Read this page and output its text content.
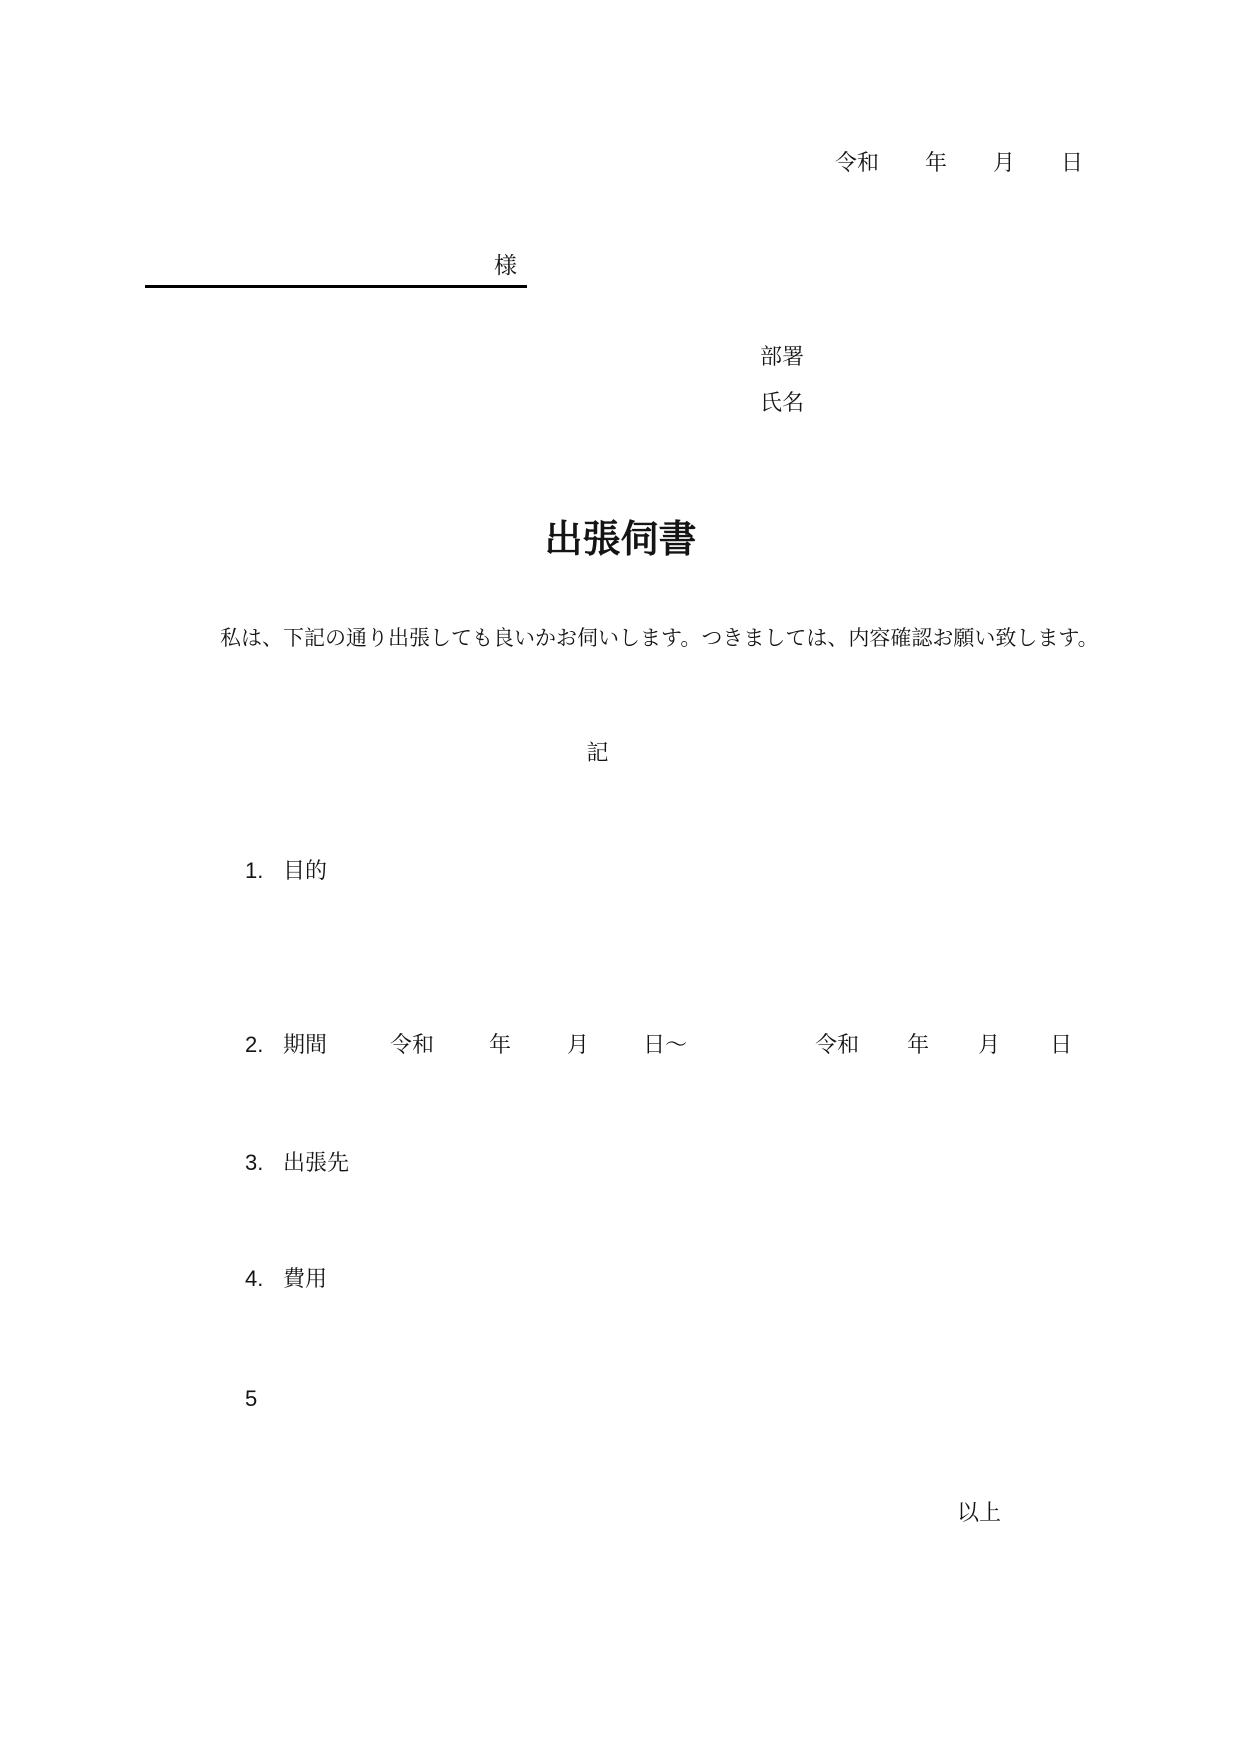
令和 年 月 日
様
部署
氏名
出張伺書
私は、下記の通り出張しても良いかお伺いします。つきましては、内容確認お願い致します。
記
1. 目的
2. 期間	令和	年	月 日～	令和 年 月 日
3. 出張先
4. 費用
5
以上
